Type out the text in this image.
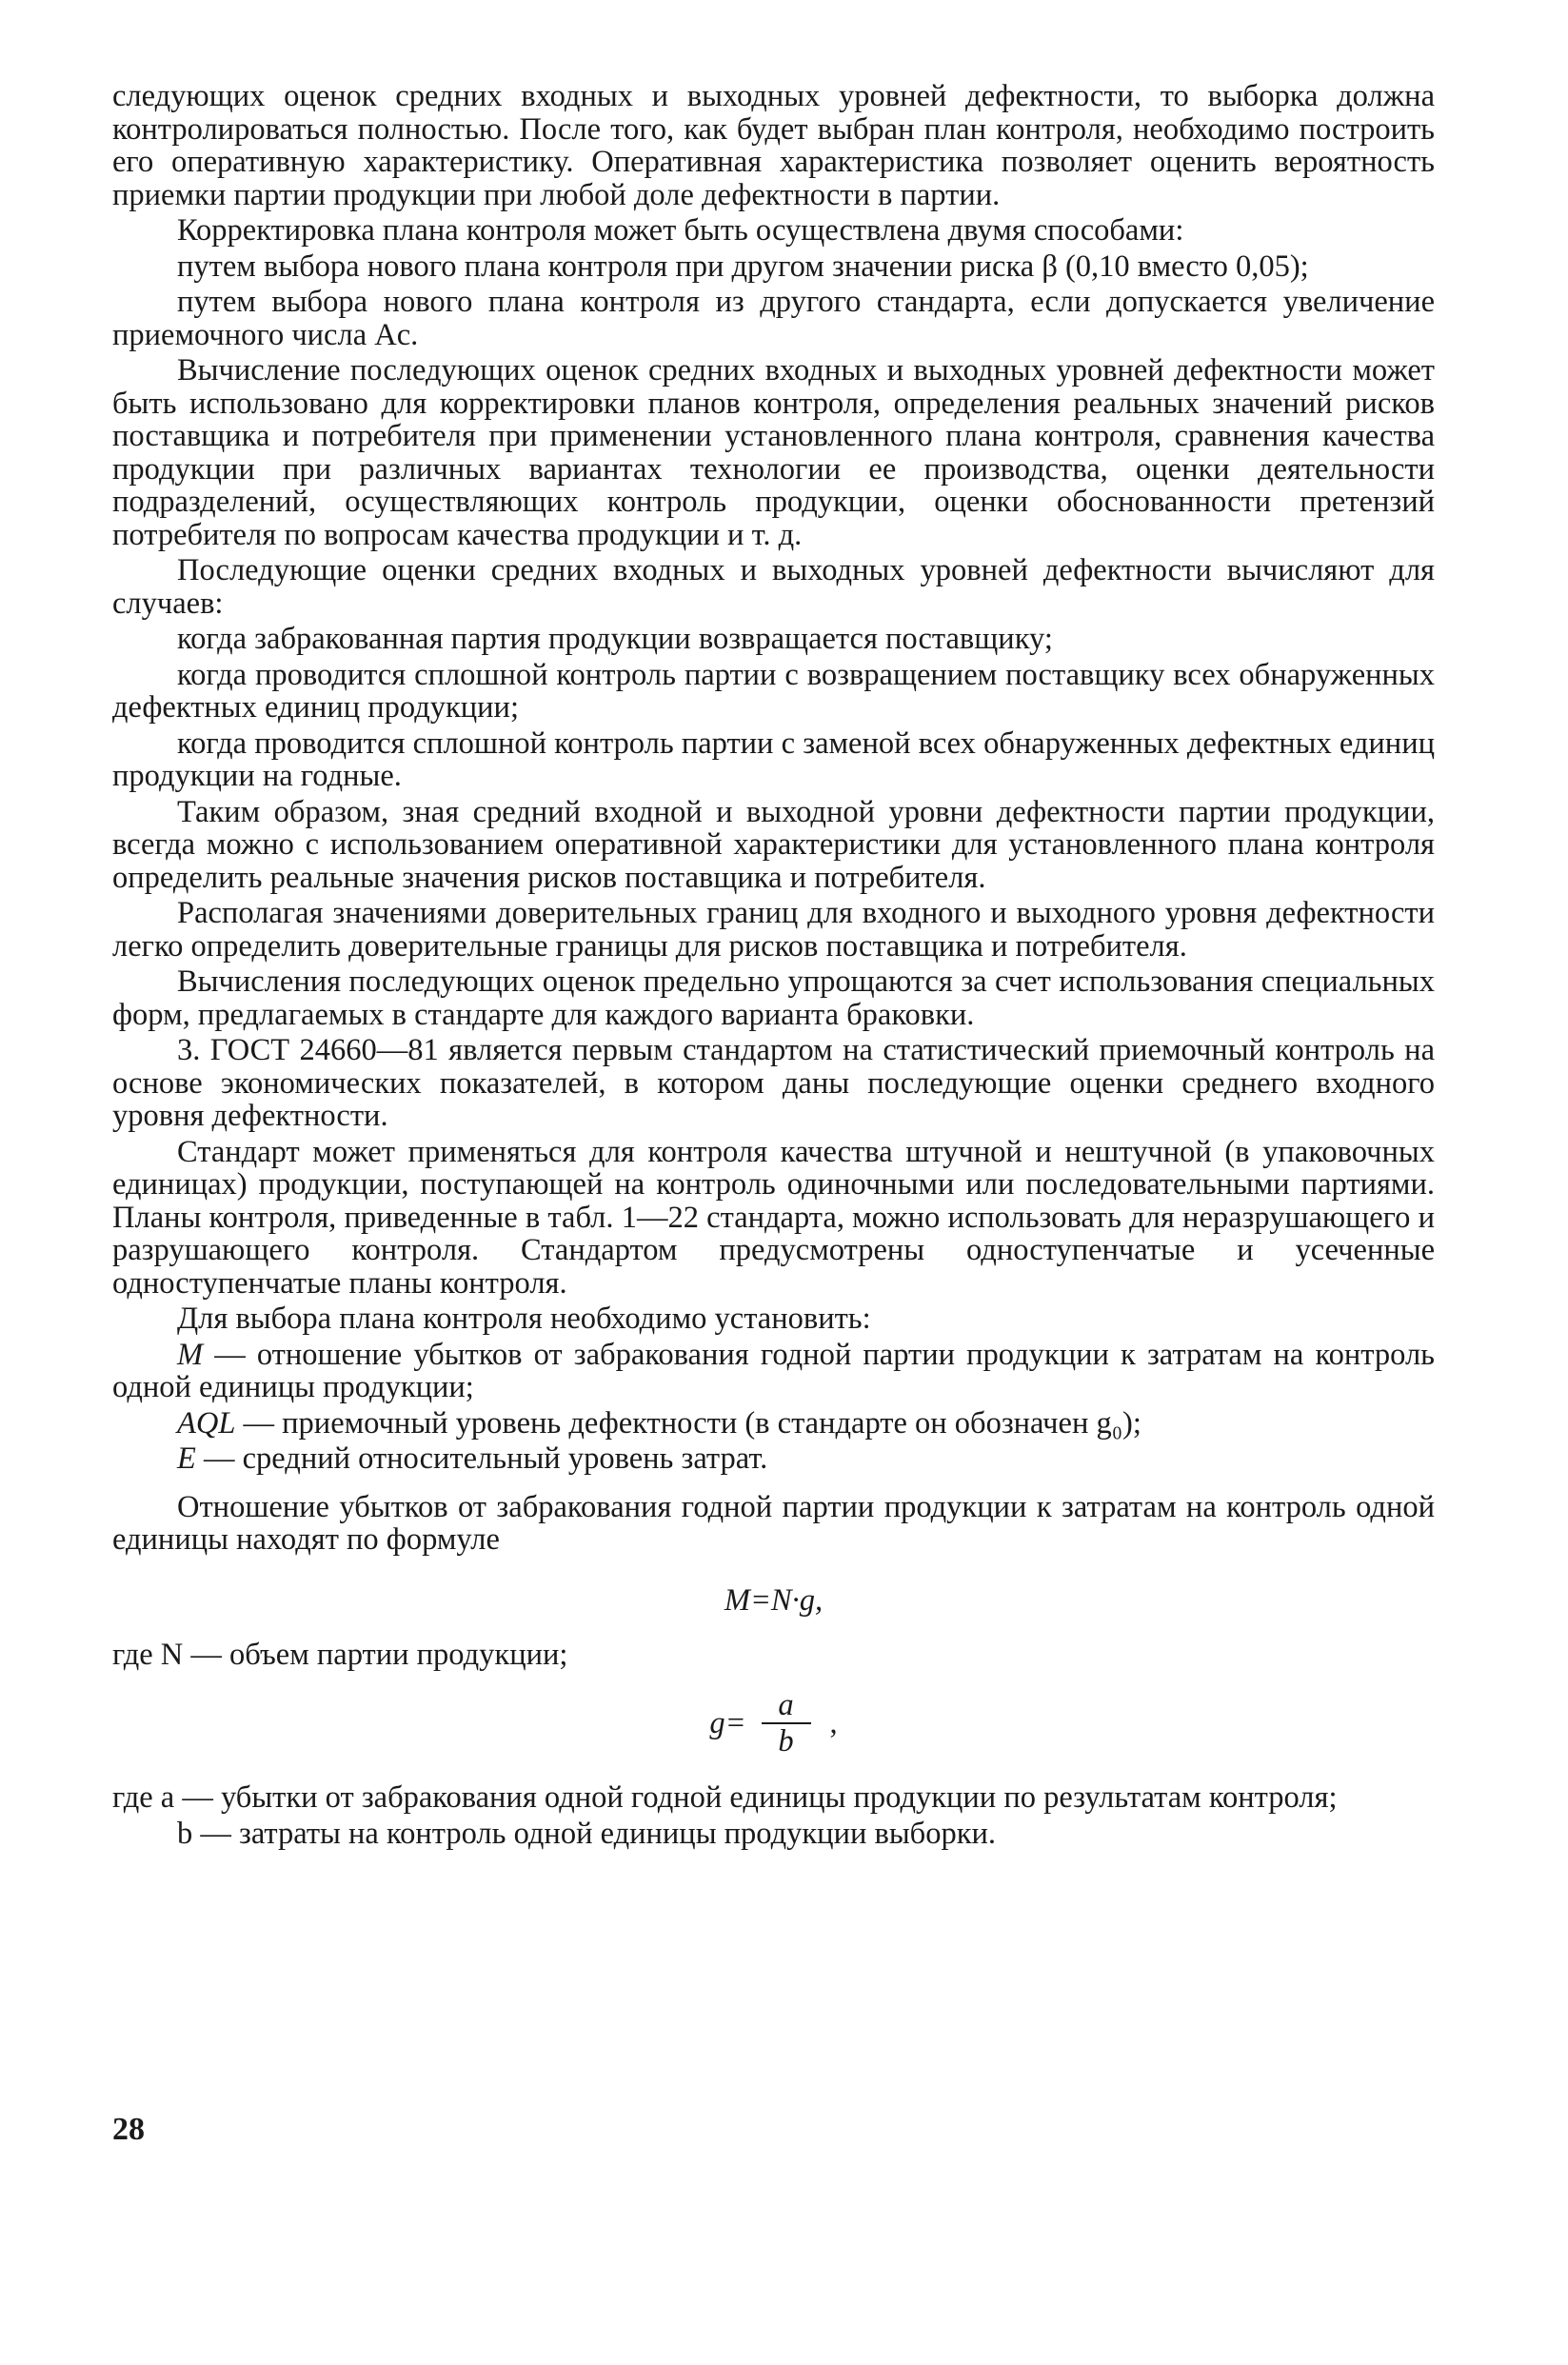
следующих оценок средних входных и выходных уровней дефектности, то выборка должна контролироваться полностью. После того, как будет выбран план контроля, необходимо построить его оперативную характеристику. Оперативная характеристика позволяет оценить вероятность приемки партии продукции при любой доле дефектности в партии.

Корректировка плана контроля может быть осуществлена двумя способами:

путем выбора нового плана контроля при другом значении риска β (0,10 вместо 0,05);

путем выбора нового плана контроля из другого стандарта, если допускается увеличение приемочного числа Ac.

Вычисление последующих оценок средних входных и выходных уровней дефектности может быть использовано для корректировки планов контроля, определения реальных значений рисков поставщика и потребителя при применении установленного плана контроля, сравнения качества продукции при различных вариантах технологии ее производства, оценки деятельности подразделений, осуществляющих контроль продукции, оценки обоснованности претензий потребителя по вопросам качества продукции и т. д.

Последующие оценки средних входных и выходных уровней дефектности вычисляют для случаев:

когда забракованная партия продукции возвращается поставщику;

когда проводится сплошной контроль партии с возвращением поставщику всех обнаруженных дефектных единиц продукции;

когда проводится сплошной контроль партии с заменой всех обнаруженных дефектных единиц продукции на годные.

Таким образом, зная средний входной и выходной уровни дефектности партии продукции, всегда можно с использованием оперативной характеристики для установленного плана контроля определить реальные значения рисков поставщика и потребителя.

Располагая значениями доверительных границ для входного и выходного уровня дефектности легко определить доверительные границы для рисков поставщика и потребителя.

Вычисления последующих оценок предельно упрощаются за счет использования специальных форм, предлагаемых в стандарте для каждого варианта браковки.

3. ГОСТ 24660—81 является первым стандартом на статистический приемочный контроль на основе экономических показателей, в котором даны последующие оценки среднего входного уровня дефектности.

Стандарт может применяться для контроля качества штучной и нештучной (в упаковочных единицах) продукции, поступающей на контроль одиночными или последовательными партиями. Планы контроля, приведенные в табл. 1—22 стандарта, можно использовать для неразрушающего и разрушающего контроля. Стандартом предусмотрены одноступенчатые и усеченные одноступенчатые планы контроля.

Для выбора плана контроля необходимо установить:

M — отношение убытков от забракования годной партии продукции к затратам на контроль одной единицы продукции;

AQL — приемочный уровень дефектности (в стандарте он обозначен g₀);

E — средний относительный уровень затрат.

Отношение убытков от забракования годной партии продукции к затратам на контроль одной единицы находят по формуле

M=N·g,

где N — объем партии продукции;

$g= \frac{a}{b}$ ,

где a — убытки от забракования одной годной единицы продукции по результатам контроля;

b — затраты на контроль одной единицы продукции выборки.

28
